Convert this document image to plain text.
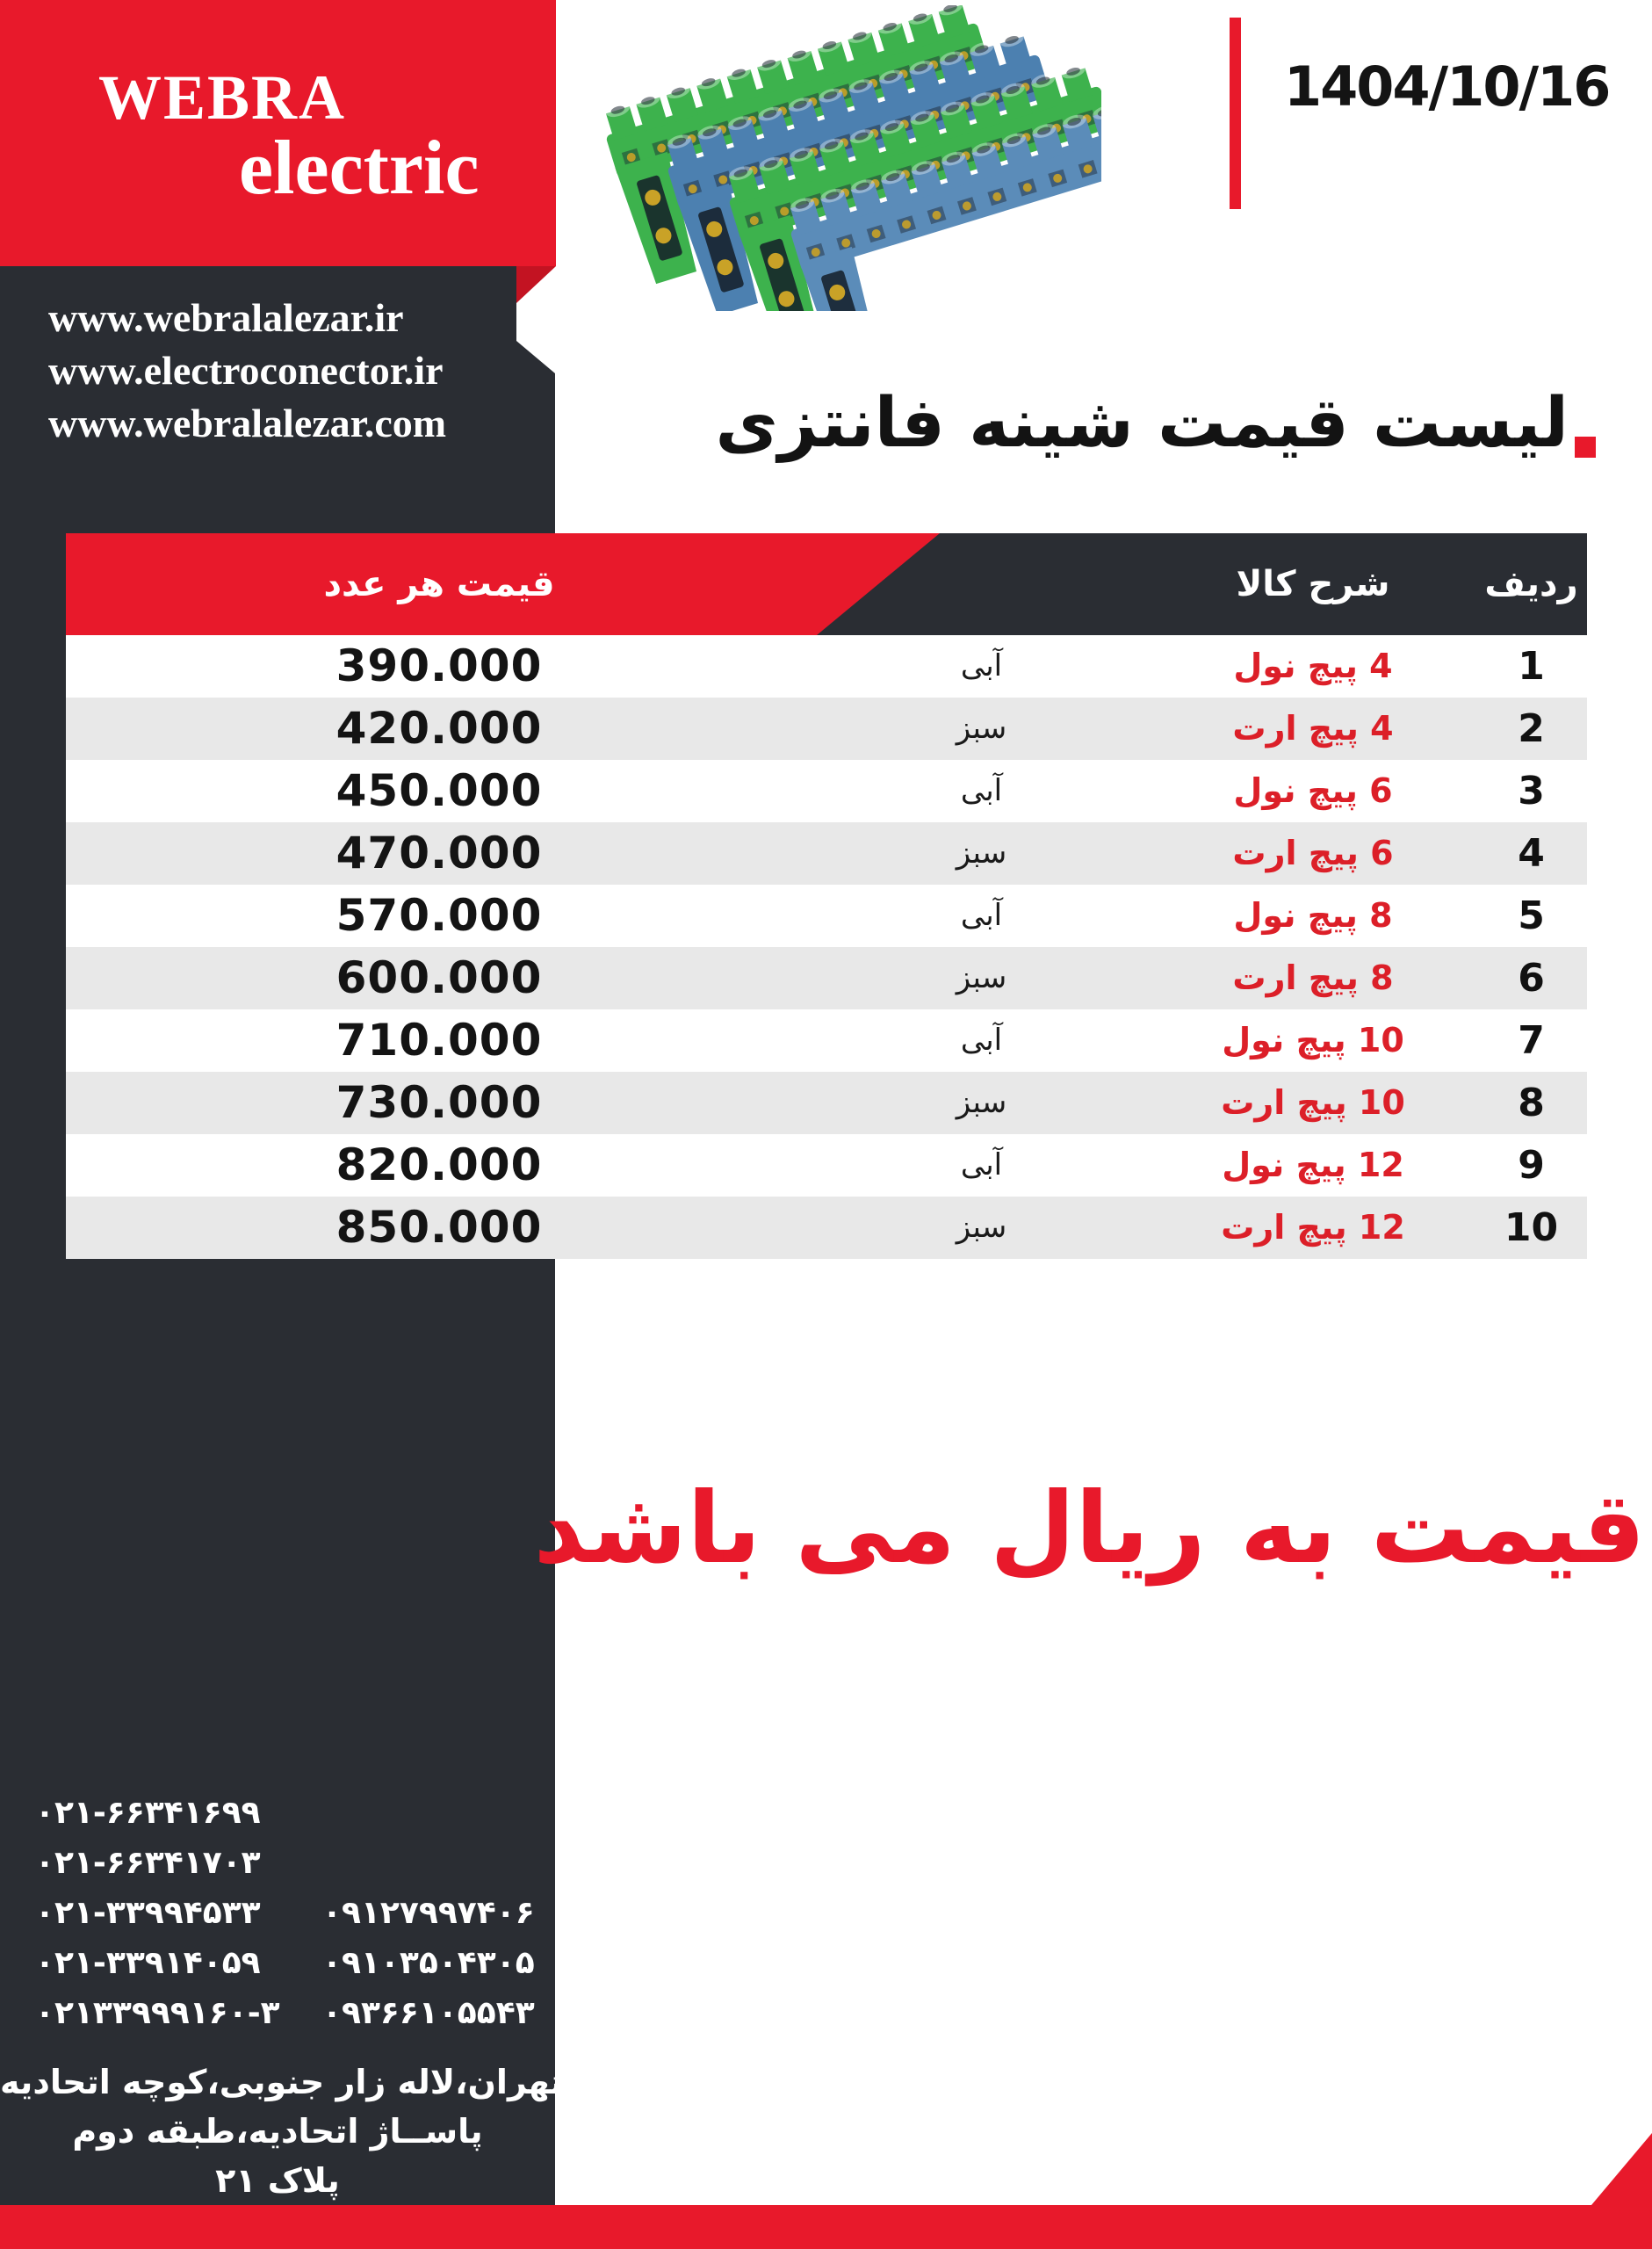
WEBRA
electric
www.webralalezar.ir
www.electroconector.ir
www.webralalezar.com
1404/10/16
لیست قیمت شینه فانتزی
قیمت هر عدد	شرح کالا	ردیف
390.000	آبی	4 پیچ نول	1
420.000	سبز	4 پیچ ارت	2
450.000	آبی	6 پیچ نول	3
470.000	سبز	6 پیچ ارت	4
570.000	آبی	8 پیچ نول	5
600.000	سبز	8 پیچ ارت	6
710.000	آبی	10 پیچ نول	7
730.000	سبز	10 پیچ ارت	8
820.000	آبی	12 پیچ نول	9
850.000	سبز	12 پیچ ارت	10
قیمت به ریال می باشد
۰۲۱-۶۶۳۴۱۶۹۹
۰۲۱-۶۶۳۴۱۷۰۳
۰۲۱-۳۳۹۹۴۵۳۳
۰۲۱-۳۳۹۱۴۰۵۹
۰۲۱۳۳۹۹۹۱۶۰-۳
۰۹۱۲۷۹۹۷۴۰۶
۰۹۱۰۳۵۰۴۳۰۵
۰۹۳۶۶۱۰۵۵۴۳
تهران،لاله زار جنوبی،کوچه اتحادیه
پاســاژ اتحادیه،طبقه دوم
پلاک ۲۱
